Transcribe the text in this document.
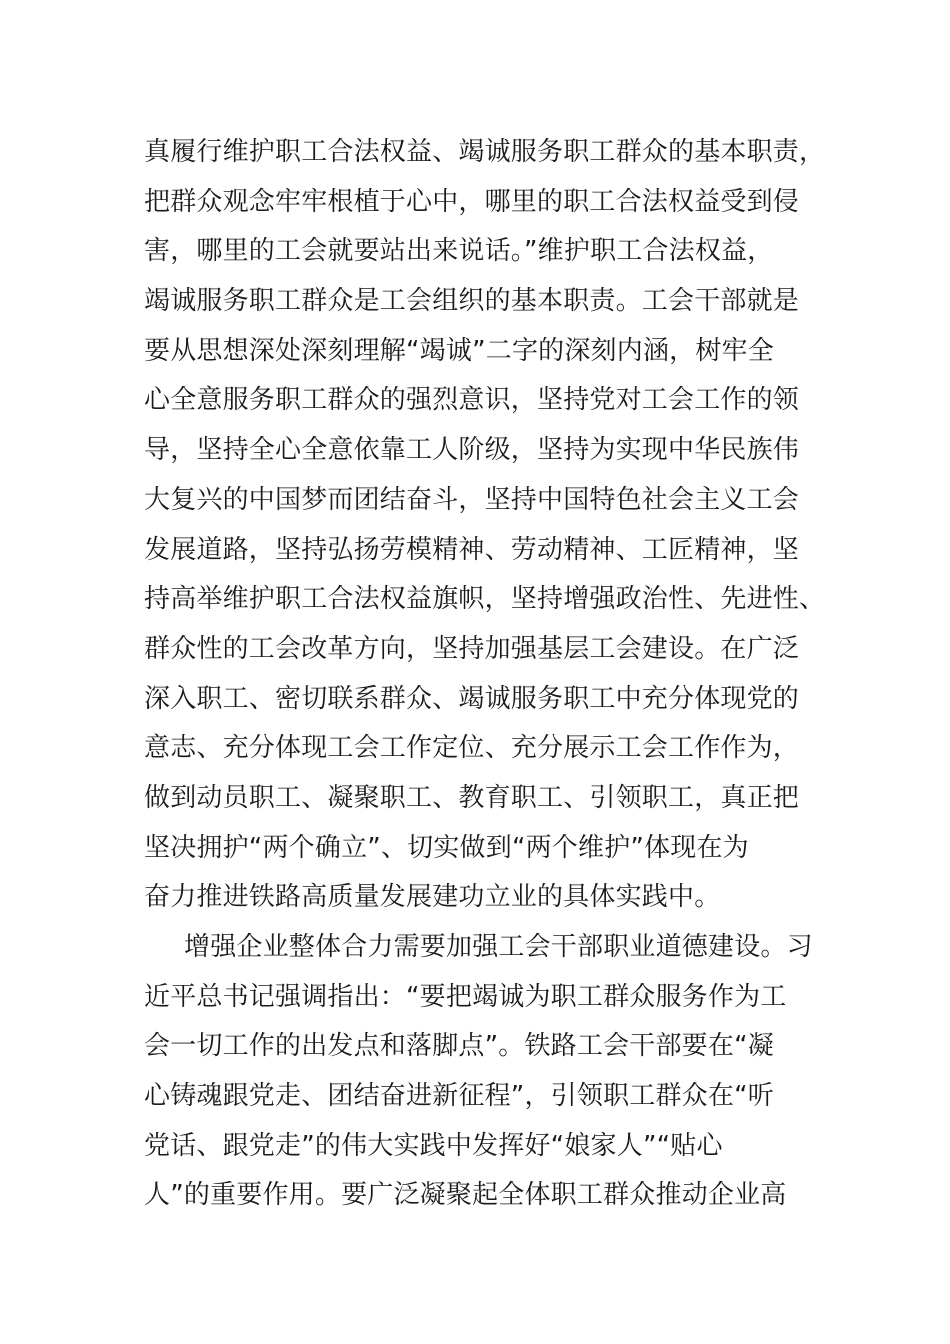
真履行维护职工合法权益、竭诚服务职工群众的基本职责，
把群众观念牢牢根植于心中，哪里的职工合法权益受到侵
害，哪里的工会就要站出来说话。”维护职工合法权益，
竭诚服务职工群众是工会组织的基本职责。工会干部就是
要从思想深处深刻理解“竭诚”二字的深刻内涵，树牢全
心全意服务职工群众的强烈意识，坚持党对工会工作的领
导，坚持全心全意依靠工人阶级，坚持为实现中华民族伟
大复兴的中国梦而团结奋斗，坚持中国特色社会主义工会
发展道路，坚持弘扬劳模精神、劳动精神、工匠精神，坚
持高举维护职工合法权益旗帜，坚持增强政治性、先进性、
群众性的工会改革方向，坚持加强基层工会建设。在广泛
深入职工、密切联系群众、竭诚服务职工中充分体现党的
意志、充分体现工会工作定位、充分展示工会工作作为，
做到动员职工、凝聚职工、教育职工、引领职工，真正把
坚决拥护“两个确立”、切实做到“两个维护”体现在为
奋力推进铁路高质量发展建功立业的具体实践中。
增强企业整体合力需要加强工会干部职业道德建设。习
近平总书记强调指出：“要把竭诚为职工群众服务作为工
会一切工作的出发点和落脚点”。铁路工会干部要在“凝
心铸魂跟党走、团结奋进新征程”，引领职工群众在“听
党话、跟党走”的伟大实践中发挥好“娘家人”“贴心
人”的重要作用。要广泛凝聚起全体职工群众推动企业高
